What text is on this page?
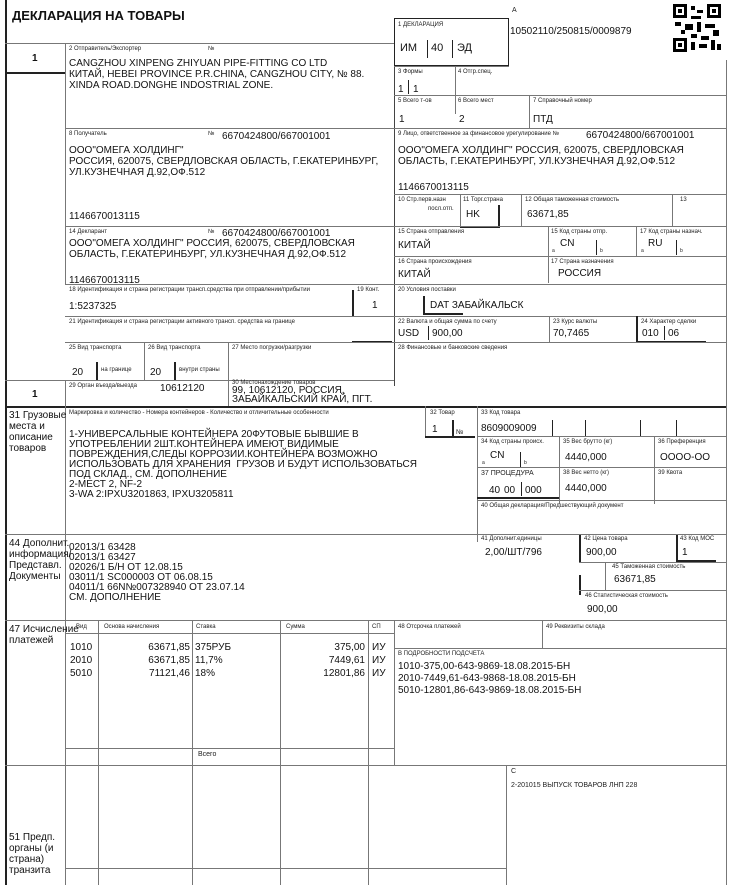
ДЕКЛАРАЦИЯ НА ТОВАРЫ	A
10502110/250815/0009879
1
2 Отправитель/Экспортер	№
CANGZHOU XINPENG ZHIYUAN PIPE-FITTING CO LTD
КИТАЙ, HEBEI PROVINCE P.R.CHINA, CANGZHOU CITY, № 88.
XINDA ROAD.DONGHE INDOSTRIAL ZONE.
1 ДЕКЛАРАЦИЯ
ИМ 40 ЭД
3 Формы	4 Отгр.спец.
1 1
5 Всего т-ов
1
6 Всего мест
2
7 Справочный номер
ПТД
8 Получатель	№ 6670424800/667001001
ООО"ОМЕГА ХОЛДИНГ"
РОССИЯ, 620075, СВЕРДЛОВСКАЯ ОБЛАСТЬ, Г.ЕКАТЕРИНБУРГ,
УЛ.КУЗНЕЧНАЯ Д.92,ОФ.512
1146670013115
9 Лицо, ответственное за финансовое урегулирование №	6670424800/667001001
ООО"ОМЕГА ХОЛДИНГ" РОССИЯ, 620075, СВЕРДЛОВСКАЯ
ОБЛАСТЬ, Г.ЕКАТЕРИНБУРГ, УЛ.КУЗНЕЧНАЯ Д.92,ОФ.512
1146670013115
10 Стр.перв.назн
посл.отп.
11 Торг.страна
HK
12 Общая таможенная стоимость
63671,85
13
14 Декларант	№ 6670424800/667001001
ООО"ОМЕГА ХОЛДИНГ" РОССИЯ, 620075, СВЕРДЛОВСКАЯ
ОБЛАСТЬ, Г.ЕКАТЕРИНБУРГ, УЛ.КУЗНЕЧНАЯ Д.92,ОФ.512
1146670013115
15 Страна отправления
КИТАЙ
15 Код страны отпр.
a
CN
b
17 Код страны назнач.
a
RU
b
16 Страна происхождения
КИТАЙ
17 Страна назначения
РОССИЯ
18 Идентификация и страна регистрации трансп.средства при отправлении/прибытии
1:5237325
19 Конт.
1
20 Условия поставки
DAT ЗАБАЙКАЛЬСК
21 Идентификация и страна регистрации активного трансп. средства на границе	22 Валюта и общая сумма по счету
USD 900,00
23 Курс валюты
70,7465
24 Характер сделки
010 06
25 Вид транспорта
20	на границе
26 Вид транспорта
20	внутри страны
27 Место погрузки/разгрузки	28 Финансовые и банковские сведения
1
29 Орган въезда/выезда 10612120	30 Местонахождение товаров
99, 10612120, РОССИЯ,
ЗАБАЙКАЛЬСКИЙ КРАЙ, ПГТ.
31 Грузовые
места и
описание
товаров
Маркировка и количество - Номера контейнеров - Количество и отличительные особенности
1-УНИВЕРСАЛЬНЫЕ КОНТЕЙНЕРА 20ФУТОВЫЕ БЫВШИЕ В
УПОТРЕБЛЕНИИ 2ШТ.КОНТЕЙНЕРА ИМЕЮТ ВИДИМЫЕ
ПОВРЕЖДЕНИЯ,СЛЕДЫ КОРРОЗИИ.КОНТЕЙНЕРА ВОЗМОЖНО
ИСПОЛЬЗОВАТЬ ДЛЯ ХРАНЕНИЯ  ГРУЗОВ И БУДУТ ИСПОЛЬЗОВАТЬСЯ
ПОД СКЛАД., СМ. ДОПОЛНЕНИЕ
2-МЕСТ 2, NF-2
3-WA 2:IPXU3201863, IPXU3205811
32 Товар
1	№
33 Код товара
8609009009
34 Код страны происх.
a
CN
b
35 Вес брутто (кг)
4440,000
36 Преференция
OOOO-OO
37 ПРОЦЕДУРА
40 00 000
38 Вес нетто (кг)
4440,000
39 Квота
40 Общая декларация/Предшествующий документ
44 Дополнит.
информация/
Представл.
Документы
02013/1 63428
02013/1 63427
02026/1 Б/Н ОТ 12.08.15
03011/1 SC000003 ОТ 06.08.15
04011/1 66N№007328940 ОТ 23.07.14
СМ. ДОПОЛНЕНИЕ
41 Дополнит.единицы
2,00/ШТ/796
42 Цена товара
900,00
43 Код МОС
1
45 Таможенная стоимость
63671,85
46 Статистическая стоимость
900,00
47 Исчисление
платежей
Вид	Основа начисления	Ставка	Сумма	СП
1010	63671,85 375РУБ	375,00 ИУ
2010	63671,85 11,7%	7449,61 ИУ
5010	71121,46 18%	12801,86 ИУ
Всего
48 Отсрочка платежей	49 Реквизиты склада
В ПОДРОБНОСТИ ПОДСЧЕТА
1010-375,00-643-9869-18.08.2015-БН
2010-7449,61-643-9868-18.08.2015-БН
5010-12801,86-643-9869-18.08.2015-БН
C
2-201015 ВЫПУСК ТОВАРОВ ЛНП 228
51 Предп.
органы (и
страна)
транзита
